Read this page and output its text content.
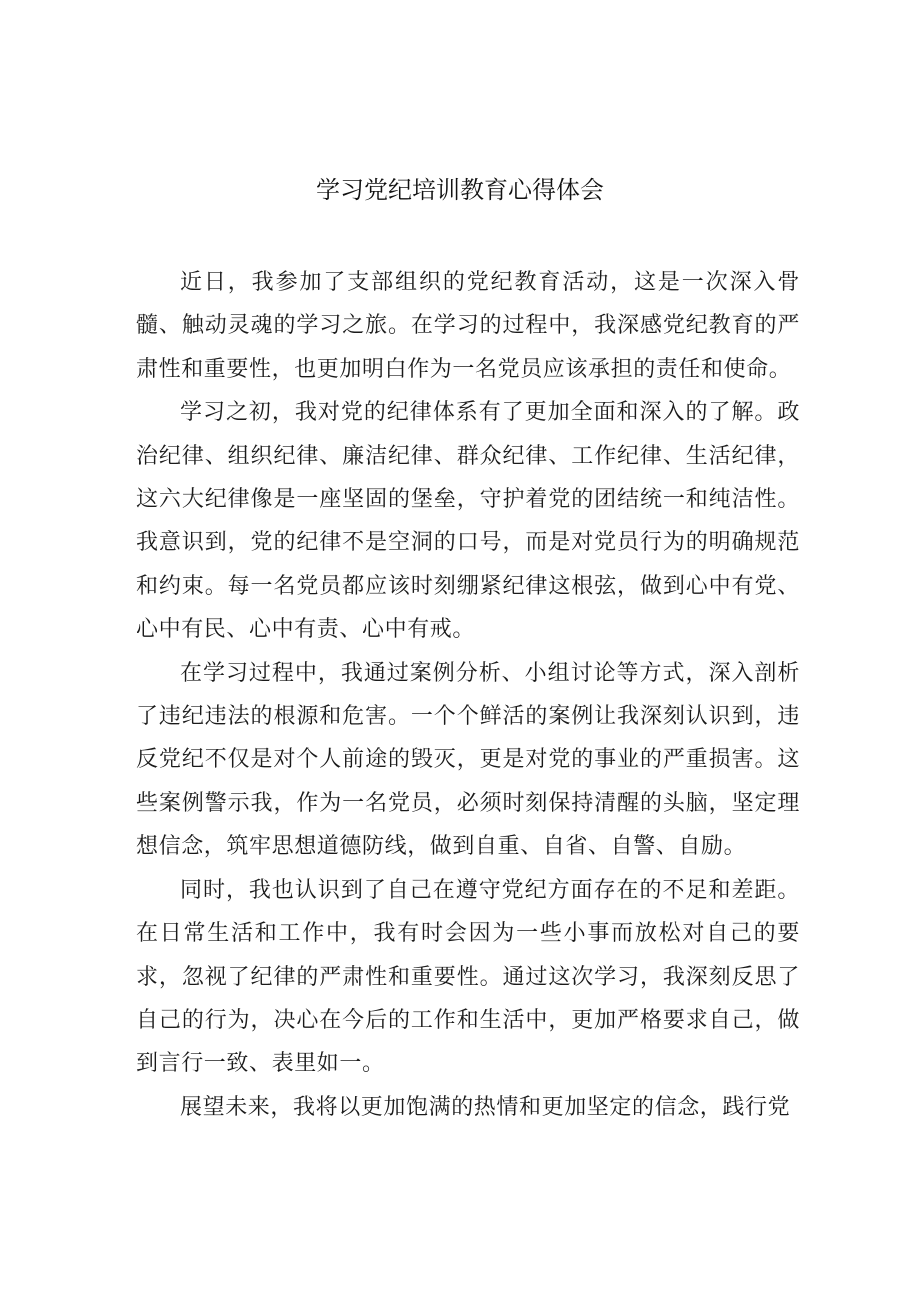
学习党纪培训教育心得体会

近日，我参加了支部组织的党纪教育活动，这是一次深入骨髓、触动灵魂的学习之旅。在学习的过程中，我深感党纪教育的严肃性和重要性，也更加明白作为一名党员应该承担的责任和使命。

学习之初，我对党的纪律体系有了更加全面和深入的了解。政治纪律、组织纪律、廉洁纪律、群众纪律、工作纪律、生活纪律，这六大纪律像是一座坚固的堡垒，守护着党的团结统一和纯洁性。我意识到，党的纪律不是空洞的口号，而是对党员行为的明确规范和约束。每一名党员都应该时刻绷紧纪律这根弦，做到心中有党、心中有民、心中有责、心中有戒。

在学习过程中，我通过案例分析、小组讨论等方式，深入剖析了违纪违法的根源和危害。一个个鲜活的案例让我深刻认识到，违反党纪不仅是对个人前途的毁灭，更是对党的事业的严重损害。这些案例警示我，作为一名党员，必须时刻保持清醒的头脑，坚定理想信念，筑牢思想道德防线，做到自重、自省、自警、自励。

同时，我也认识到了自己在遵守党纪方面存在的不足和差距。在日常生活和工作中，我有时会因为一些小事而放松对自己的要求，忽视了纪律的严肃性和重要性。通过这次学习，我深刻反思了自己的行为，决心在今后的工作和生活中，更加严格要求自己，做到言行一致、表里如一。

展望未来，我将以更加饱满的热情和更加坚定的信念，践行党
